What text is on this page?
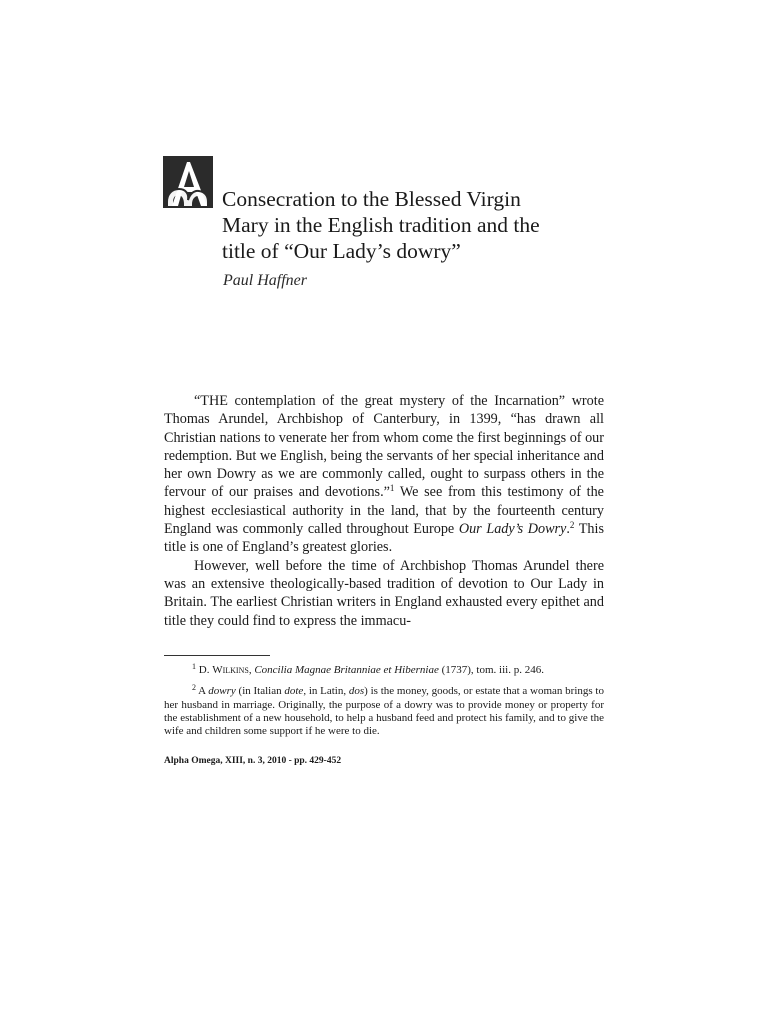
Consecration to the Blessed Virgin
Mary in the English tradition and the
title of “Our Lady’s dowry”
Paul Haffner

“THE contemplation of the great mystery of the Incarnation” wrote Thomas Arundel, Archbishop of Canterbury, in 1399, “has drawn all Christian nations to venerate her from whom come the first beginnings of our redemption. But we English, being the servants of her special inheritance and her own Dowry as we are commonly called, ought to surpass others in the fervour of our praises and devotions.”$^1$ We see from this testimony of the highest ecclesiastical authority in the land, that by the fourteenth century England was commonly called throughout Europe Our Lady’s Dowry.$^2$ This title is one of England’s greatest glories.

However, well before the time of Archbishop Thomas Arundel there was an extensive theologically-based tradition of devotion to Our Lady in Britain. The earliest Christian writers in England exhausted every epithet and title they could find to express the immacu-

$^1$ D. Wilkins, Concilia Magnae Britanniae et Hiberniae (1737), tom. iii. p. 246.

$^2$ A dowry (in Italian dote, in Latin, dos) is the money, goods, or estate that a woman brings to her husband in marriage. Originally, the purpose of a dowry was to provide money or property for the establishment of a new household, to help a husband feed and protect his family, and to give the wife and children some support if he were to die.

Alpha Omega, XIII, n. 3, 2010 - pp. 429-452
